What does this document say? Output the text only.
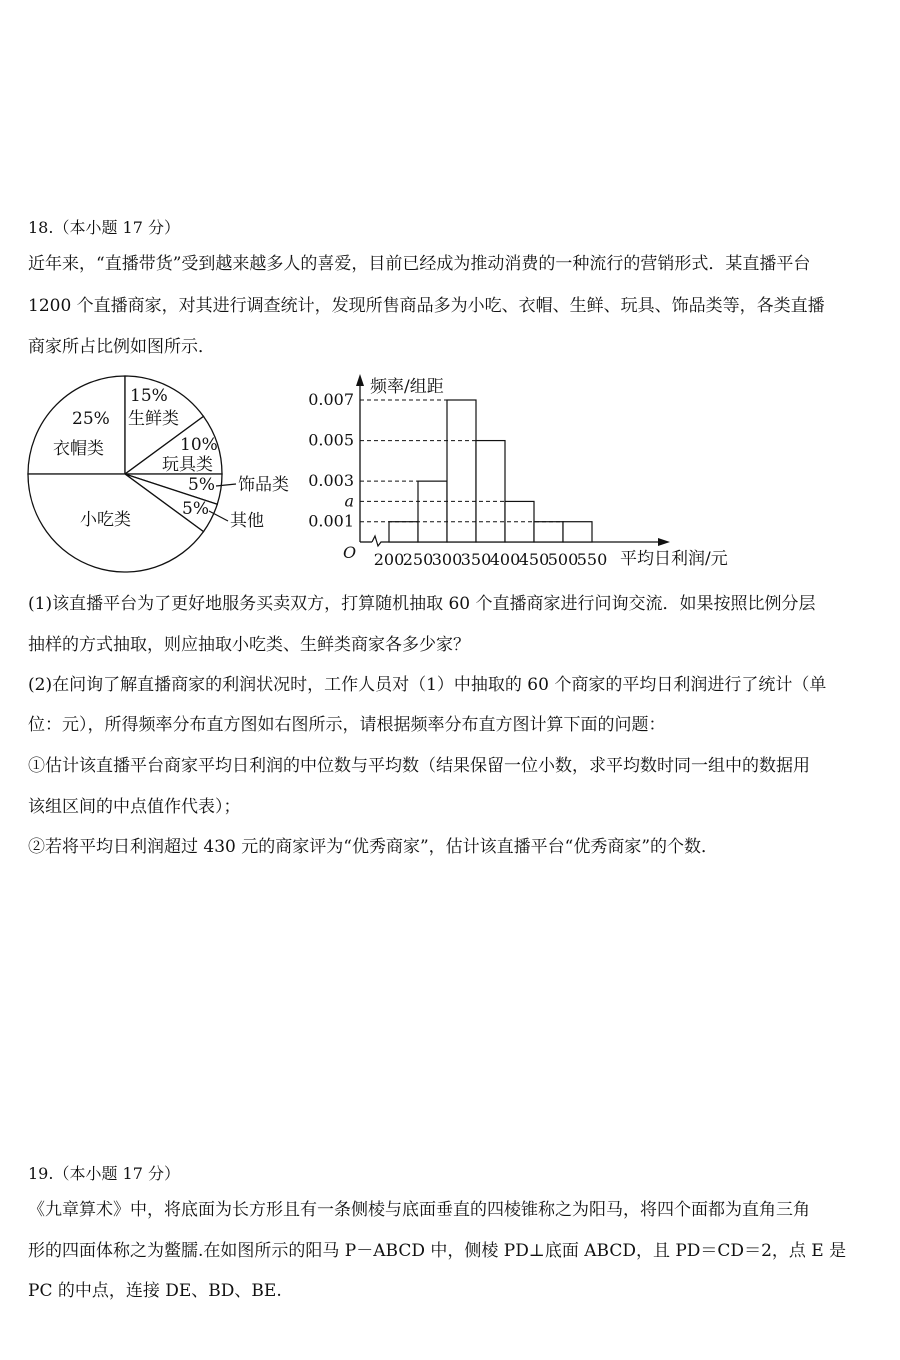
18.（本小题 17 分）
近年来，“直播带货”受到越来越多人的喜爱，目前已经成为推动消费的一种流行的营销形式．某直播平台
1200 个直播商家，对其进行调查统计，发现所售商品多为小吃、衣帽、生鲜、玩具、饰品类等，各类直播
商家所占比例如图所示．
25%
衣帽类
15%
生鲜类
10%
玩具类
5% 饰品类
5%
其他
小吃类
频率/组距
平均日利润/元
O
0.007
0.005
0.003
a
0.001
200
250
300
350
400
450
500
550
(1)该直播平台为了更好地服务买卖双方，打算随机抽取 60 个直播商家进行问询交流．如果按照比例分层
抽样的方式抽取，则应抽取小吃类、生鲜类商家各多少家？
(2)在问询了解直播商家的利润状况时，工作人员对（1）中抽取的 60 个商家的平均日利润进行了统计（单
位：元），所得频率分布直方图如右图所示，请根据频率分布直方图计算下面的问题：
①估计该直播平台商家平均日利润的中位数与平均数（结果保留一位小数，求平均数时同一组中的数据用
该组区间的中点值作代表）；
②若将平均日利润超过 430 元的商家评为“优秀商家”，估计该直播平台“优秀商家”的个数．
19.（本小题 17 分）
《九章算术》中，将底面为长方形且有一条侧棱与底面垂直的四棱锥称之为阳马，将四个面都为直角三角
形的四面体称之为鳖臑.在如图所示的阳马 P－ABCD 中，侧棱 PD⊥底面 ABCD，且 PD＝CD＝2，点 E 是
PC 的中点，连接 DE、BD、BE.
